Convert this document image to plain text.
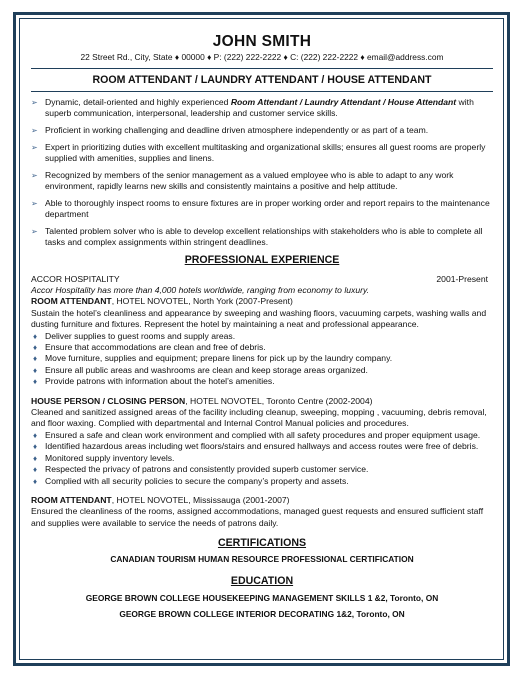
JOHN SMITH
22 Street Rd., City, State ♦ 00000 ♦ P: (222) 222-2222 ♦ C: (222) 222-2222 ♦ email@address.com
ROOM ATTENDANT / LAUNDRY ATTENDANT / HOUSE ATTENDANT
➢ Dynamic, detail-oriented and highly experienced Room Attendant / Laundry Attendant / House Attendant with superb communication, interpersonal, leadership and customer service skills.
➢ Proficient in working challenging and deadline driven atmosphere independently or as part of a team.
➢ Expert in prioritizing duties with excellent multitasking and organizational skills; ensures all guest rooms are properly supplied with amenities, supplies and linens.
➢ Recognized by members of the senior management as a valued employee who is able to adapt to any work environment, rapidly learns new skills and consistently maintains a positive and help attitude.
➢ Able to thoroughly inspect rooms to ensure fixtures are in proper working order and report repairs to the maintenance department
➢ Talented problem solver who is able to develop excellent relationships with stakeholders who is able to complete all tasks and complex assignments within stringent deadlines.
PROFESSIONAL EXPERIENCE
ACCOR HOSPITALITY	2001-Present
Accor Hospitality has more than 4,000 hotels worldwide, ranging from economy to luxury.
ROOM ATTENDANT, HOTEL NOVOTEL, North York (2007-Present)
Sustain the hotel’s cleanliness and appearance by sweeping and washing floors, vacuuming carpets, washing walls and dusting furniture and fixtures. Represent the hotel by maintaining a neat and professional appearance.
♦ Deliver supplies to guest rooms and supply areas.
♦ Ensure that accommodations are clean and free of debris.
♦ Move furniture, supplies and equipment; prepare linens for pick up by the laundry company.
♦ Ensure all public areas and washrooms are clean and keep storage areas organized.
♦ Provide patrons with information about the hotel’s amenities.
HOUSE PERSON / CLOSING PERSON, HOTEL NOVOTEL, Toronto Centre (2002-2004)
Cleaned and sanitized assigned areas of the facility including cleanup, sweeping, mopping , vacuuming, debris removal, and floor waxing. Complied with departmental and Internal Control Manual policies and procedures.
♦ Ensured a safe and clean work environment and complied with all safety procedures and proper equipment usage.
♦ Identified hazardous areas including wet floors/stairs and ensured hallways and access routes were free of debris.
♦ Monitored supply inventory levels.
♦ Respected the privacy of patrons and consistently provided superb customer service.
♦ Complied with all security policies to secure the company’s property and assets.
ROOM ATTENDANT, HOTEL NOVOTEL, Mississauga (2001-2007)
Ensured the cleanliness of the rooms, assigned accommodations, managed guest requests and ensured sufficient staff and supplies were available to service the needs of patrons daily.
CERTIFICATIONS
CANADIAN TOURISM HUMAN RESOURCE PROFESSIONAL CERTIFICATION
EDUCATION
GEORGE BROWN COLLEGE HOUSEKEEPING MANAGEMENT SKILLS 1 &2, Toronto, ON
GEORGE BROWN COLLEGE INTERIOR DECORATING 1&2, Toronto, ON
